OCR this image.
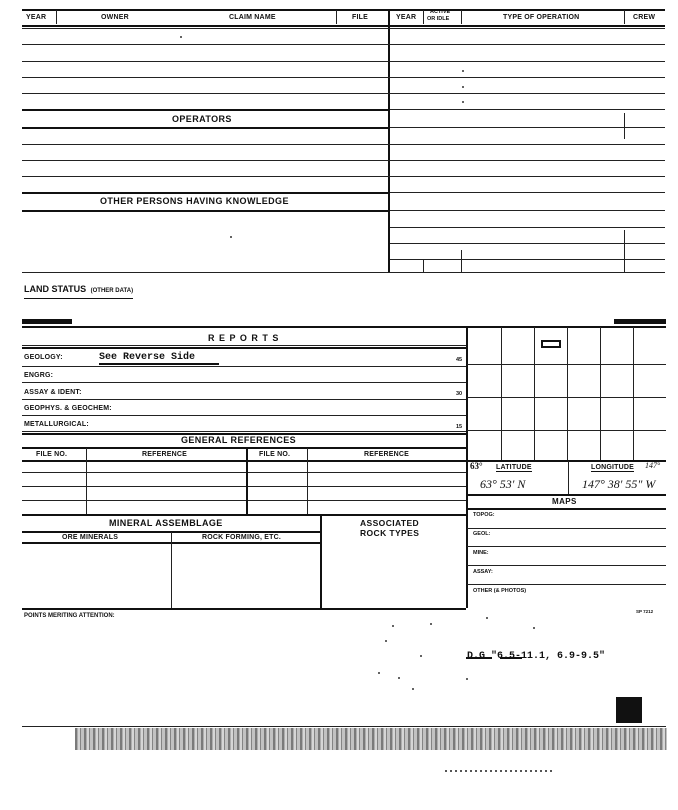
YEAR	OWNER	CLAIM NAME	FILE	YEAR
ACTIVE
OR IDLE	TYPE OF OPERATION	CREW
OPERATORS
OTHER PERSONS HAVING KNOWLEDGE
LAND STATUS (OTHER DATA)
R E P O R T S
GEOLOGY:	See Reverse Side	45
ENGRG:
ASSAY & IDENT:	30
GEOPHYS. & GEOCHEM:
METALLURGICAL:	15
GENERAL REFERENCES
FILE NO.	REFERENCE	FILE NO.	REFERENCE
MINERAL ASSEMBLAGE
ORE MINERALS	ROCK FORMING, ETC.
ASSOCIATED
ROCK TYPES
63° LATITUDE	LONGITUDE 147°
63° 53' N	147° 38' 55" W
MAPS
TOPOG:
GEOL:
MINE:
ASSAY:
OTHER (& PHOTOS)
POINTS MERITING ATTENTION:
SP 7212
D.G "6.5-11.1, 6.9-9.5"
